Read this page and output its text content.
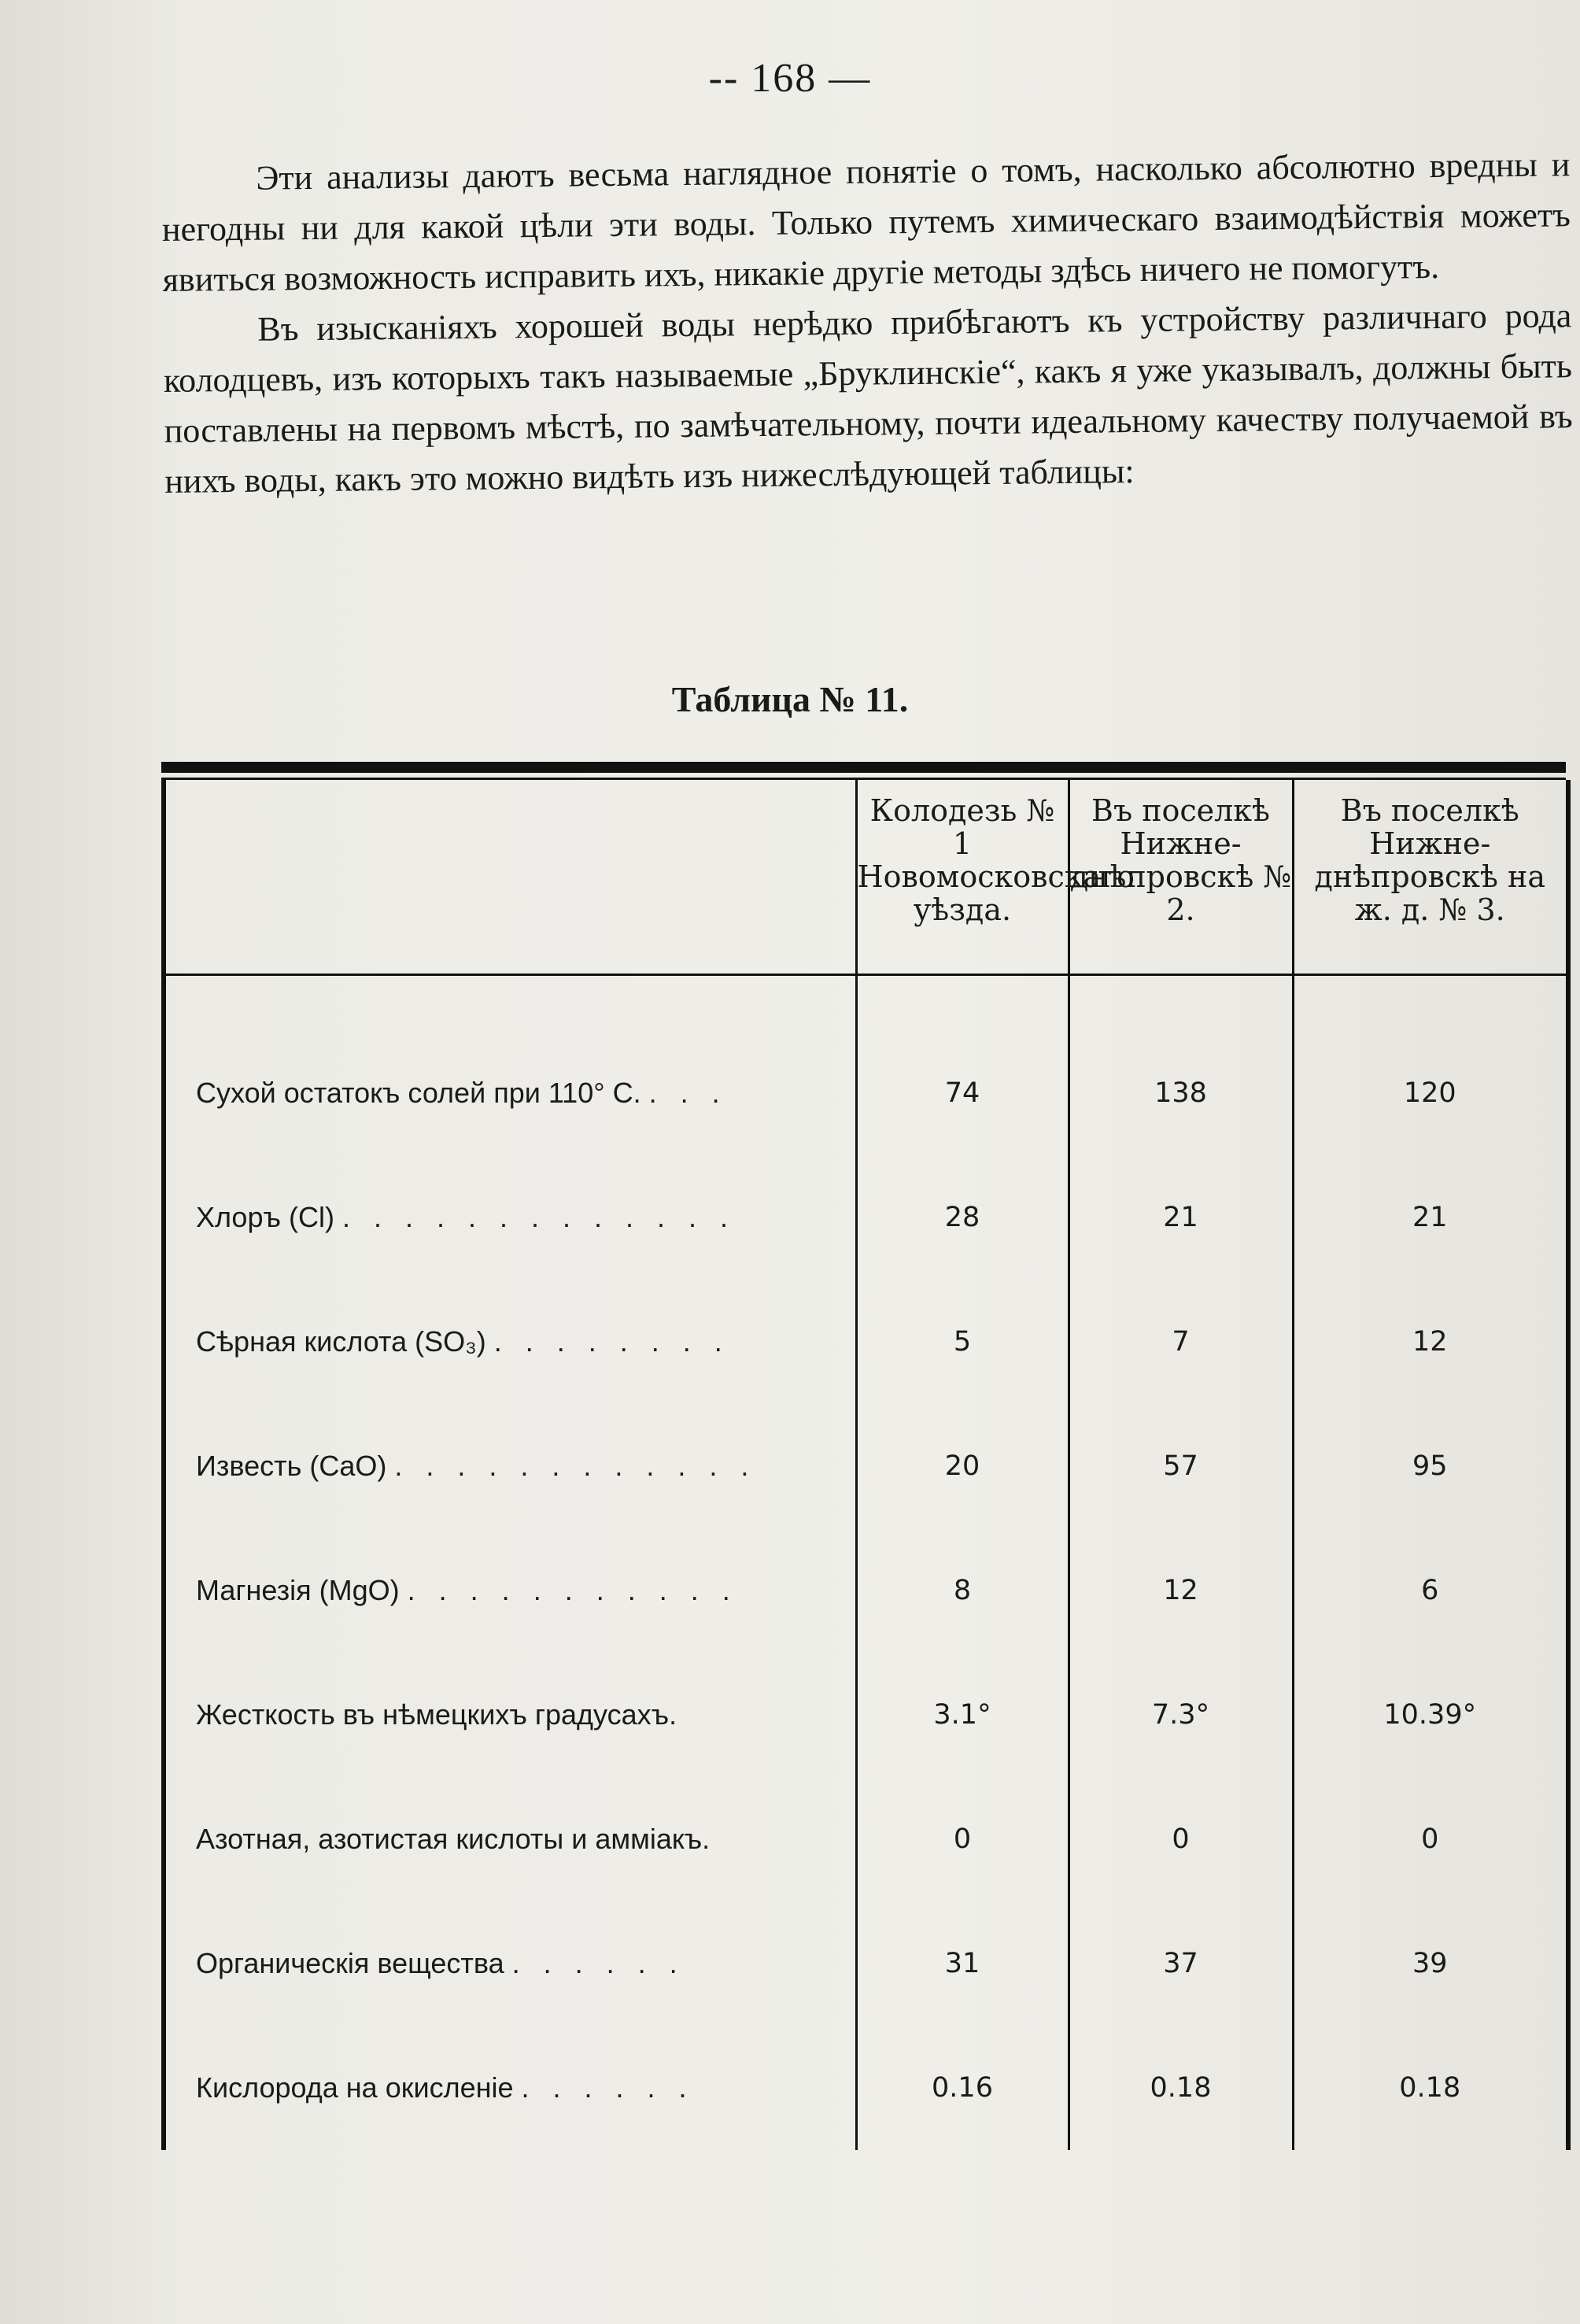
-- 168 —

Эти анализы даютъ весьма наглядное понятіе о томъ, насколько абсолютно вредны и негодны ни для какой цѣли эти воды. Только путемъ химическаго взаимодѣйствія можетъ явиться возможность исправить ихъ, никакіе другіе методы здѣсь ничего не помогутъ.

Въ изысканіяхъ хорошей воды нерѣдко прибѣгаютъ къ устройству различнаго рода колодцевъ, изъ которыхъ такъ называемые „Бруклинскіе“, какъ я уже указывалъ, должны быть поставлены на первомъ мѣстѣ, по замѣчательному, почти идеальному качеству получаемой въ нихъ воды, какъ это можно видѣть изъ нижеслѣдующей таблицы:

Таблица № 11.
	Колодезь № 1 Новомосковскаго уѣзда.	Въ поселкѣ Нижне-днѣпровскѣ № 2.	Въ поселкѣ Нижне-днѣпровскѣ на ж. д. № 3.

Сухой остатокъ солей при 110° С. . . .	74	138	120
Хлоръ (Cl) . . . . . . . . . . . . .	28	21	21
Сѣрная кислота (SO₃) . . . . . . . .	5	7	12
Известь (CaO) . . . . . . . . . . . .	20	57	95
Магнезія (MgO) . . . . . . . . . . .	8	12	6
Жесткость въ нѣмецкихъ градусахъ.	3.1°	7.3°	10.39°
Азотная, азотистая кислоты и амміакъ.	0	0	0
Органическія вещества . . . . . .	31	37	39
Кислорода на окисленіе . . . . . .	0.16	0.18	0.18
